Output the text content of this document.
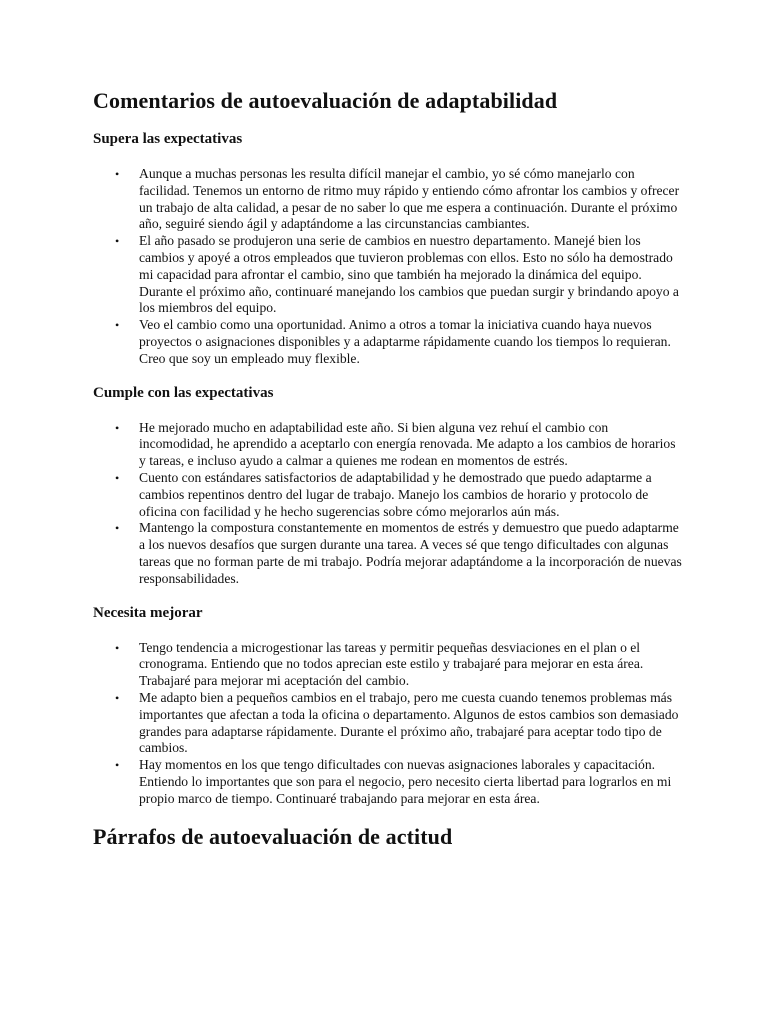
Comentarios de autoevaluación de adaptabilidad
Supera las expectativas
• Aunque a muchas personas les resulta difícil manejar el cambio, yo sé cómo manejarlo con facilidad. Tenemos un entorno de ritmo muy rápido y entiendo cómo afrontar los cambios y ofrecer un trabajo de alta calidad, a pesar de no saber lo que me espera a continuación. Durante el próximo año, seguiré siendo ágil y adaptándome a las circunstancias cambiantes.
• El año pasado se produjeron una serie de cambios en nuestro departamento. Manejé bien los cambios y apoyé a otros empleados que tuvieron problemas con ellos. Esto no sólo ha demostrado mi capacidad para afrontar el cambio, sino que también ha mejorado la dinámica del equipo. Durante el próximo año, continuaré manejando los cambios que puedan surgir y brindando apoyo a los miembros del equipo.
• Veo el cambio como una oportunidad. Animo a otros a tomar la iniciativa cuando haya nuevos proyectos o asignaciones disponibles y a adaptarme rápidamente cuando los tiempos lo requieran. Creo que soy un empleado muy flexible.
Cumple con las expectativas
• He mejorado mucho en adaptabilidad este año. Si bien alguna vez rehuí el cambio con incomodidad, he aprendido a aceptarlo con energía renovada. Me adapto a los cambios de horarios y tareas, e incluso ayudo a calmar a quienes me rodean en momentos de estrés.
• Cuento con estándares satisfactorios de adaptabilidad y he demostrado que puedo adaptarme a cambios repentinos dentro del lugar de trabajo. Manejo los cambios de horario y protocolo de oficina con facilidad y he hecho sugerencias sobre cómo mejorarlos aún más.
• Mantengo la compostura constantemente en momentos de estrés y demuestro que puedo adaptarme a los nuevos desafíos que surgen durante una tarea. A veces sé que tengo dificultades con algunas tareas que no forman parte de mi trabajo. Podría mejorar adaptándome a la incorporación de nuevas responsabilidades.
Necesita mejorar
• Tengo tendencia a microgestionar las tareas y permitir pequeñas desviaciones en el plan o el cronograma. Entiendo que no todos aprecian este estilo y trabajaré para mejorar en esta área. Trabajaré para mejorar mi aceptación del cambio.
• Me adapto bien a pequeños cambios en el trabajo, pero me cuesta cuando tenemos problemas más importantes que afectan a toda la oficina o departamento. Algunos de estos cambios son demasiado grandes para adaptarse rápidamente. Durante el próximo año, trabajaré para aceptar todo tipo de cambios.
• Hay momentos en los que tengo dificultades con nuevas asignaciones laborales y capacitación. Entiendo lo importantes que son para el negocio, pero necesito cierta libertad para lograrlos en mi propio marco de tiempo. Continuaré trabajando para mejorar en esta área.
Párrafos de autoevaluación de actitud
